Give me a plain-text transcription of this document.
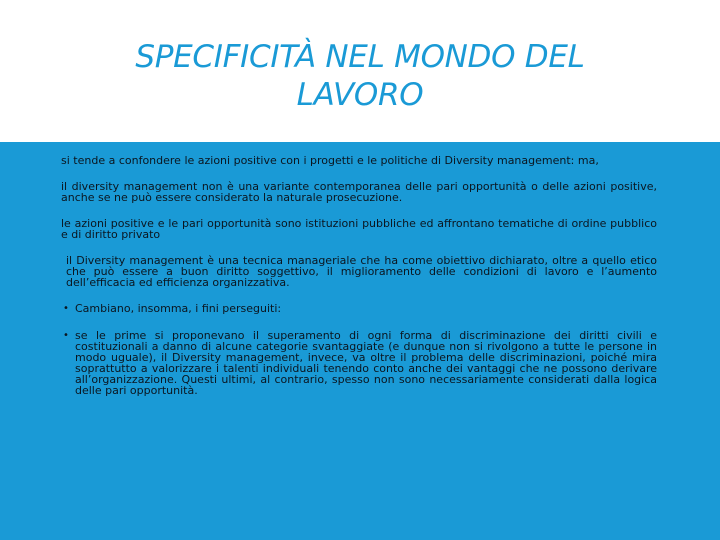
SPECIFICITÀ NEL MONDO DEL
LAVORO

si tende a confondere le azioni positive con i progetti e le politiche di Diversity management: ma,

il diversity management non è una variante contemporanea delle pari opportunità o delle azioni positive, anche se ne può essere considerato la naturale prosecuzione.

le azioni positive e le pari opportunità sono istituzioni pubbliche ed affrontano tematiche di ordine pubblico e di diritto privato

il Diversity management è una tecnica manageriale che ha come obiettivo dichiarato, oltre a quello etico che può essere a buon diritto soggettivo, il miglioramento delle condizioni di lavoro e l’aumento dell’efficacia ed efficienza organizzativa.

• Cambiano, insomma, i fini perseguiti:
• se le prime si proponevano il superamento di ogni forma di discriminazione dei diritti civili e costituzionali a danno di alcune categorie svantaggiate (e dunque non si rivolgono a tutte le persone in modo uguale), il Diversity management, invece, va oltre il problema delle discriminazioni, poiché mira soprattutto a valorizzare i talenti individuali tenendo conto anche dei vantaggi che ne possono derivare all’organizzazione. Questi ultimi, al contrario, spesso non sono necessariamente considerati dalla logica delle pari opportunità.
